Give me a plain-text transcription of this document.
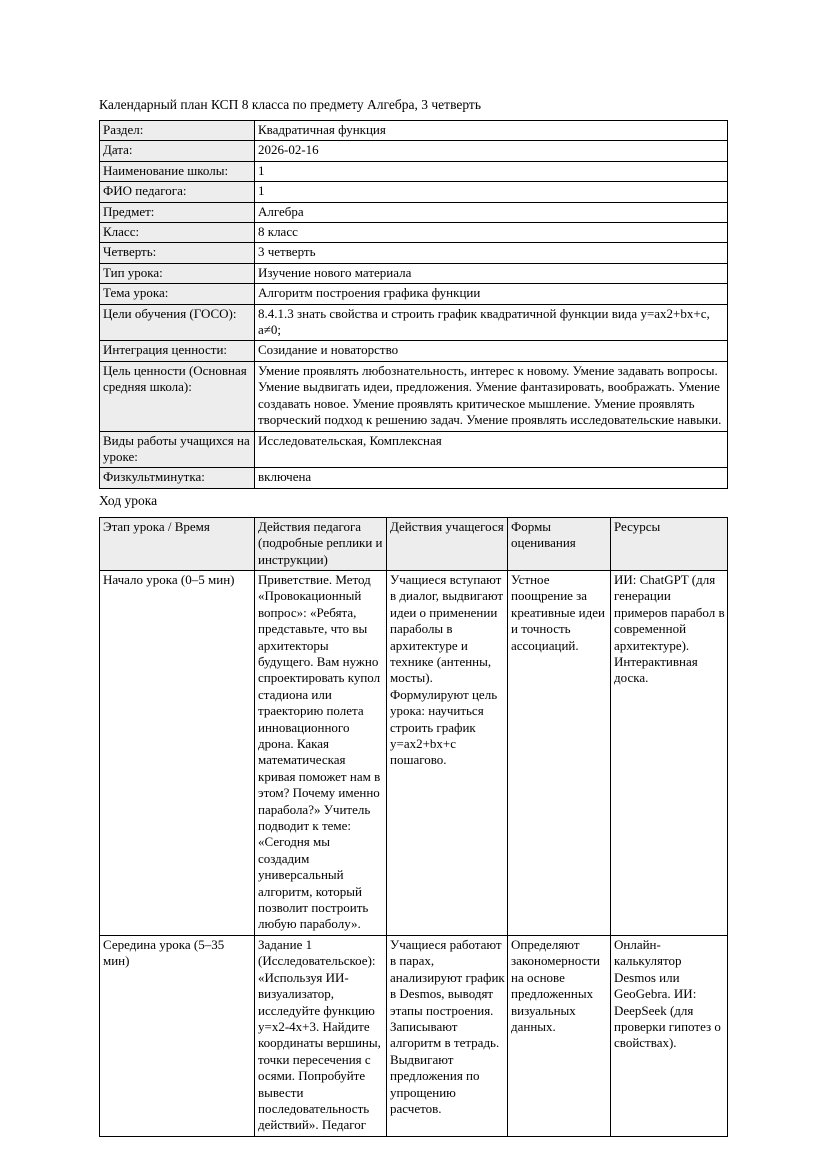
Календарный план КСП 8 класса по предмету Алгебра, 3 четверть
Раздел:	Квадратичная функция
Дата:	2026-02-16
Наименование школы:	1
ФИО педагога:	1
Предмет:	Алгебра
Класс:	8 класс
Четверть:	3 четверть
Тип урока:	Изучение нового материала
Тема урока:	Алгоритм построения графика функции
Цели обучения (ГОСО):	8.4.1.3 знать свойства и строить график квадратичной функции вида y=ax2+bx+c, a≠0;
Интеграция ценности:	Созидание и новаторство
Цель ценности (Основная средняя школа):	Умение проявлять любознательность, интерес к новому. Умение задавать вопросы. Умение выдвигать идеи, предложения. Умение фантазировать, воображать. Умение создавать новое. Умение проявлять критическое мышление. Умение проявлять творческий подход к решению задач. Умение проявлять исследовательские навыки.
Виды работы учащихся на уроке:	Исследовательская, Комплексная
Физкультминутка:	включена
Ход урока
Этап урока / Время	Действия педагога (подробные реплики и инструкции)	Действия учащегося	Формы оценивания	Ресурсы
Начало урока (0–5 мин)	Приветствие. Метод «Провокационный вопрос»: «Ребята, представьте, что вы архитекторы будущего. Вам нужно спроектировать купол стадиона или траекторию полета инновационного дрона. Какая математическая кривая поможет нам в этом? Почему именно парабола?» Учитель подводит к теме: «Сегодня мы создадим универсальный алгоритм, который позволит построить любую параболу».	Учащиеся вступают в диалог, выдвигают идеи о применении параболы в архитектуре и технике (антенны, мосты). Формулируют цель урока: научиться строить график y=ax2+bx+c пошагово.	Устное поощрение за креативные идеи и точность ассоциаций.	ИИ: ChatGPT (для генерации примеров парабол в современной архитектуре). Интерактивная доска.
Середина урока (5–35 мин)	Задание 1 (Исследовательское): «Используя ИИ-визуализатор, исследуйте функцию y=x2-4x+3. Найдите координаты вершины, точки пересечения с осями. Попробуйте вывести последовательность действий». Педагог	Учащиеся работают в парах, анализируют график в Desmos, выводят этапы построения. Записывают алгоритм в тетрадь. Выдвигают предложения по упрощению расчетов.	Определяют закономерности на основе предложенных визуальных данных.	Онлайн-калькулятор Desmos или GeoGebra. ИИ: DeepSeek (для проверки гипотез о свойствах).
